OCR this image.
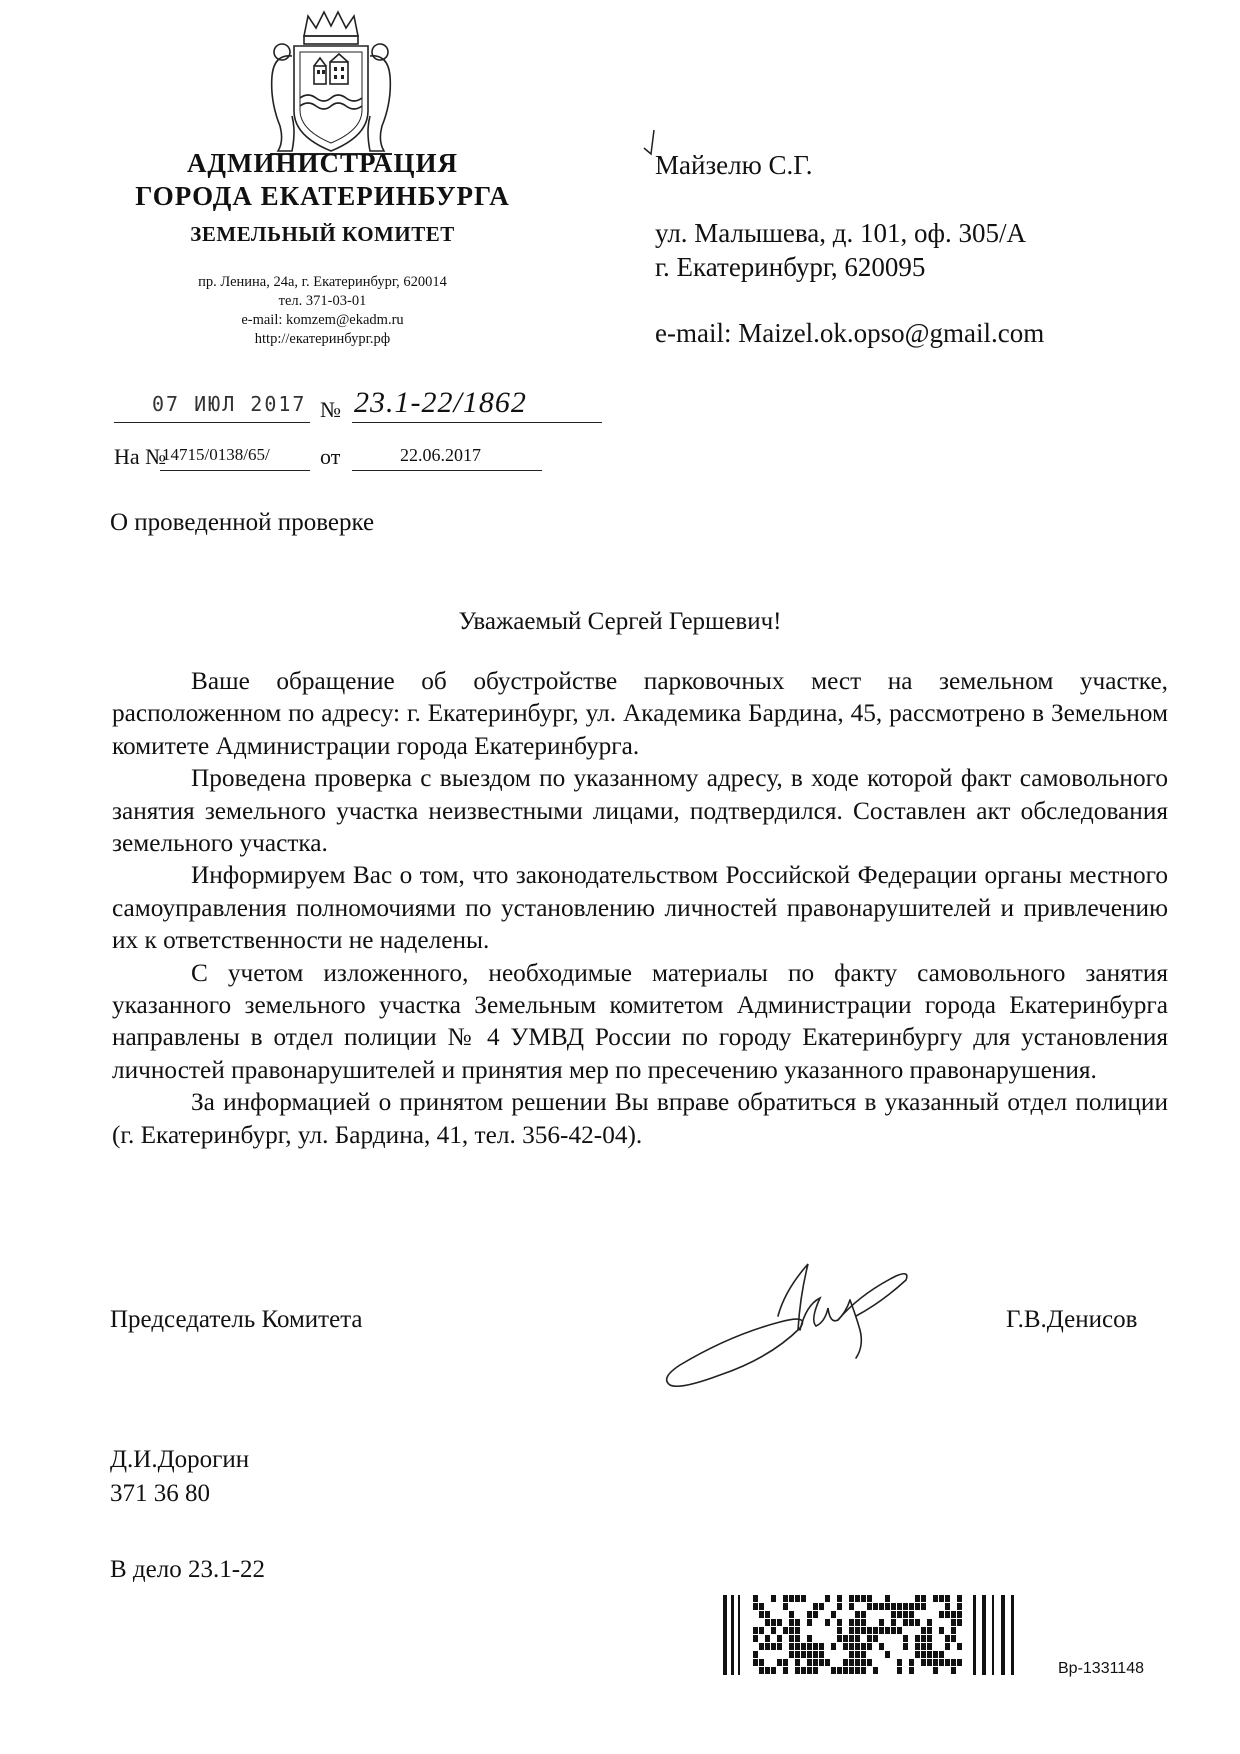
АДМИНИСТРАЦИЯ
ГОРОДА ЕКАТЕРИНБУРГА
ЗЕМЕЛЬНЫЙ КОМИТЕТ
пр. Ленина, 24а, г. Екатеринбург, 620014
тел. 371-03-01
e-mail: komzem@ekadm.ru
http://екатеринбург.рф
07 ИЮЛ 2017 № 23.1-22/1862
На №
14715/0138/65/ от	22.06.2017
Майзелю С.Г.
ул. Малышева, д. 101, оф. 305/А
г. Екатеринбург, 620095
e-mail: Maizel.ok.opso@gmail.com
О проведенной проверке
Уважаемый Сергей Гершевич!

Ваше обращение об обустройстве парковочных мест на земельном участке, расположенном по адресу: г. Екатеринбург, ул. Академика Бардина, 45, рассмотрено в Земельном комитете Администрации города Екатеринбурга.

Проведена проверка с выездом по указанному адресу, в ходе которой факт самовольного занятия земельного участка неизвестными лицами, подтвердился. Составлен акт обследования земельного участка.

Информируем Вас о том, что законодательством Российской Федерации органы местного самоуправления полномочиями по установлению личностей правонарушителей и привлечению их к ответственности не наделены.

С учетом изложенного, необходимые материалы по факту самовольного занятия указанного земельного участка Земельным комитетом Администрации города Екатеринбурга направлены в отдел полиции № 4 УМВД России по городу Екатеринбургу для установления личностей правонарушителей и принятия мер по пресечению указанного правонарушения.

За информацией о принятом решении Вы вправе обратиться в указанный отдел полиции (г. Екатеринбург, ул. Бардина, 41, тел. 356-42-04).

Председатель Комитета	Г.В.Денисов
Д.И.Дорогин
371 36 80
В дело 23.1-22
Вр-1331148
